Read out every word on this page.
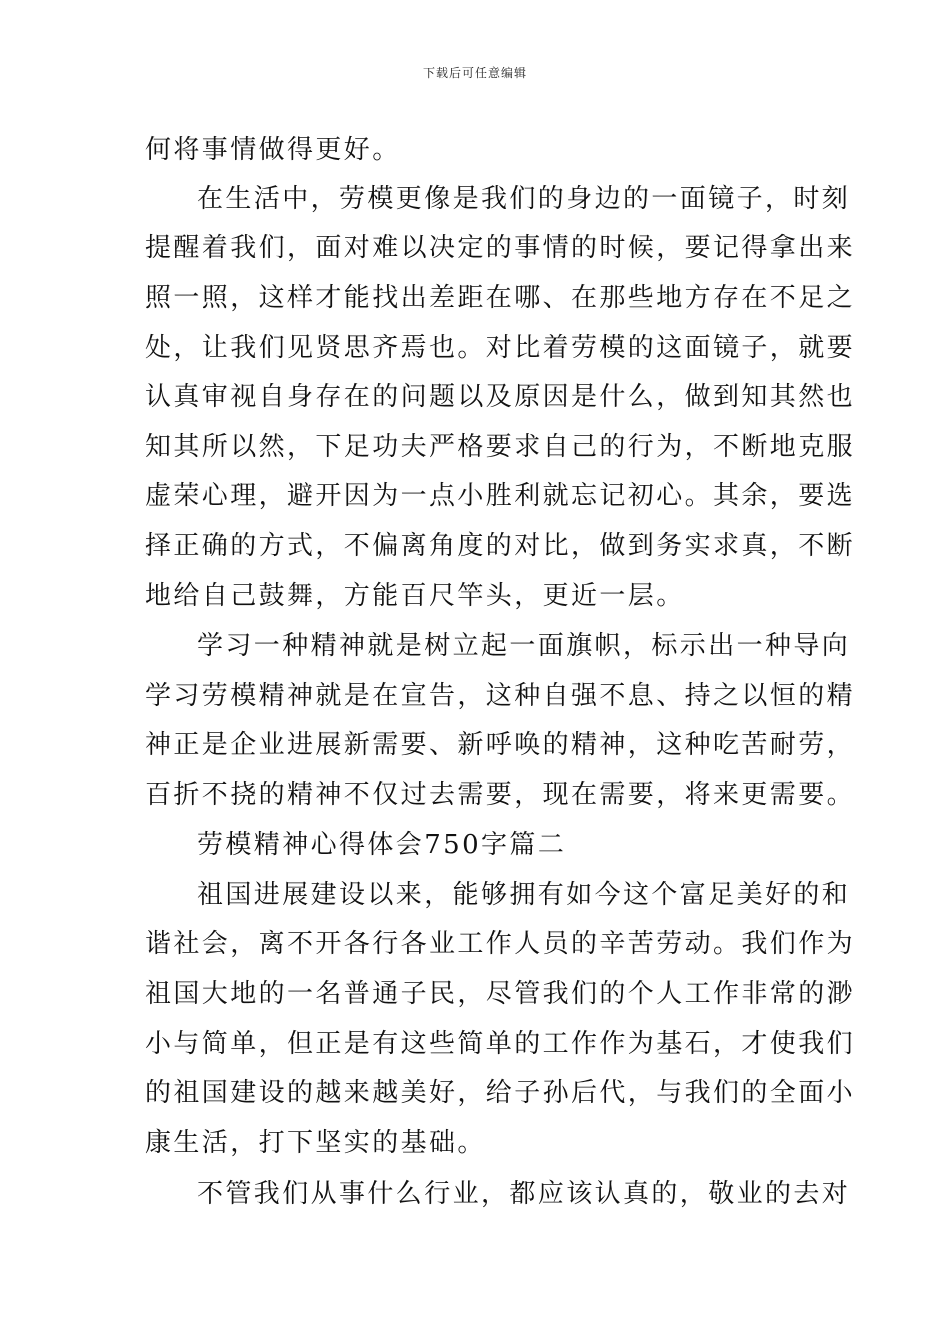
下载后可任意编辑
何将事情做得更好。
在生活中，劳模更像是我们的身边的一面镜子，时刻
提醒着我们，面对难以决定的事情的时候，要记得拿出来
照一照，这样才能找出差距在哪、在那些地方存在不足之
处，让我们见贤思齐焉也。对比着劳模的这面镜子，就要
认真审视自身存在的问题以及原因是什么，做到知其然也
知其所以然，下足功夫严格要求自己的行为，不断地克服
虚荣心理，避开因为一点小胜利就忘记初心。其余，要选
择正确的方式，不偏离角度的对比，做到务实求真，不断
地给自己鼓舞，方能百尺竿头，更近一层。
学习一种精神就是树立起一面旗帜，标示出一种导向
学习劳模精神就是在宣告，这种自强不息、持之以恒的精
神正是企业进展新需要、新呼唤的精神，这种吃苦耐劳，
百折不挠的精神不仅过去需要，现在需要，将来更需要。
劳模精神心得体会750字篇二
祖国进展建设以来，能够拥有如今这个富足美好的和
谐社会，离不开各行各业工作人员的辛苦劳动。我们作为
祖国大地的一名普通子民，尽管我们的个人工作非常的渺
小与简单，但正是有这些简单的工作作为基石，才使我们
的祖国建设的越来越美好，给子孙后代，与我们的全面小
康生活，打下坚实的基础。
不管我们从事什么行业，都应该认真的，敬业的去对
